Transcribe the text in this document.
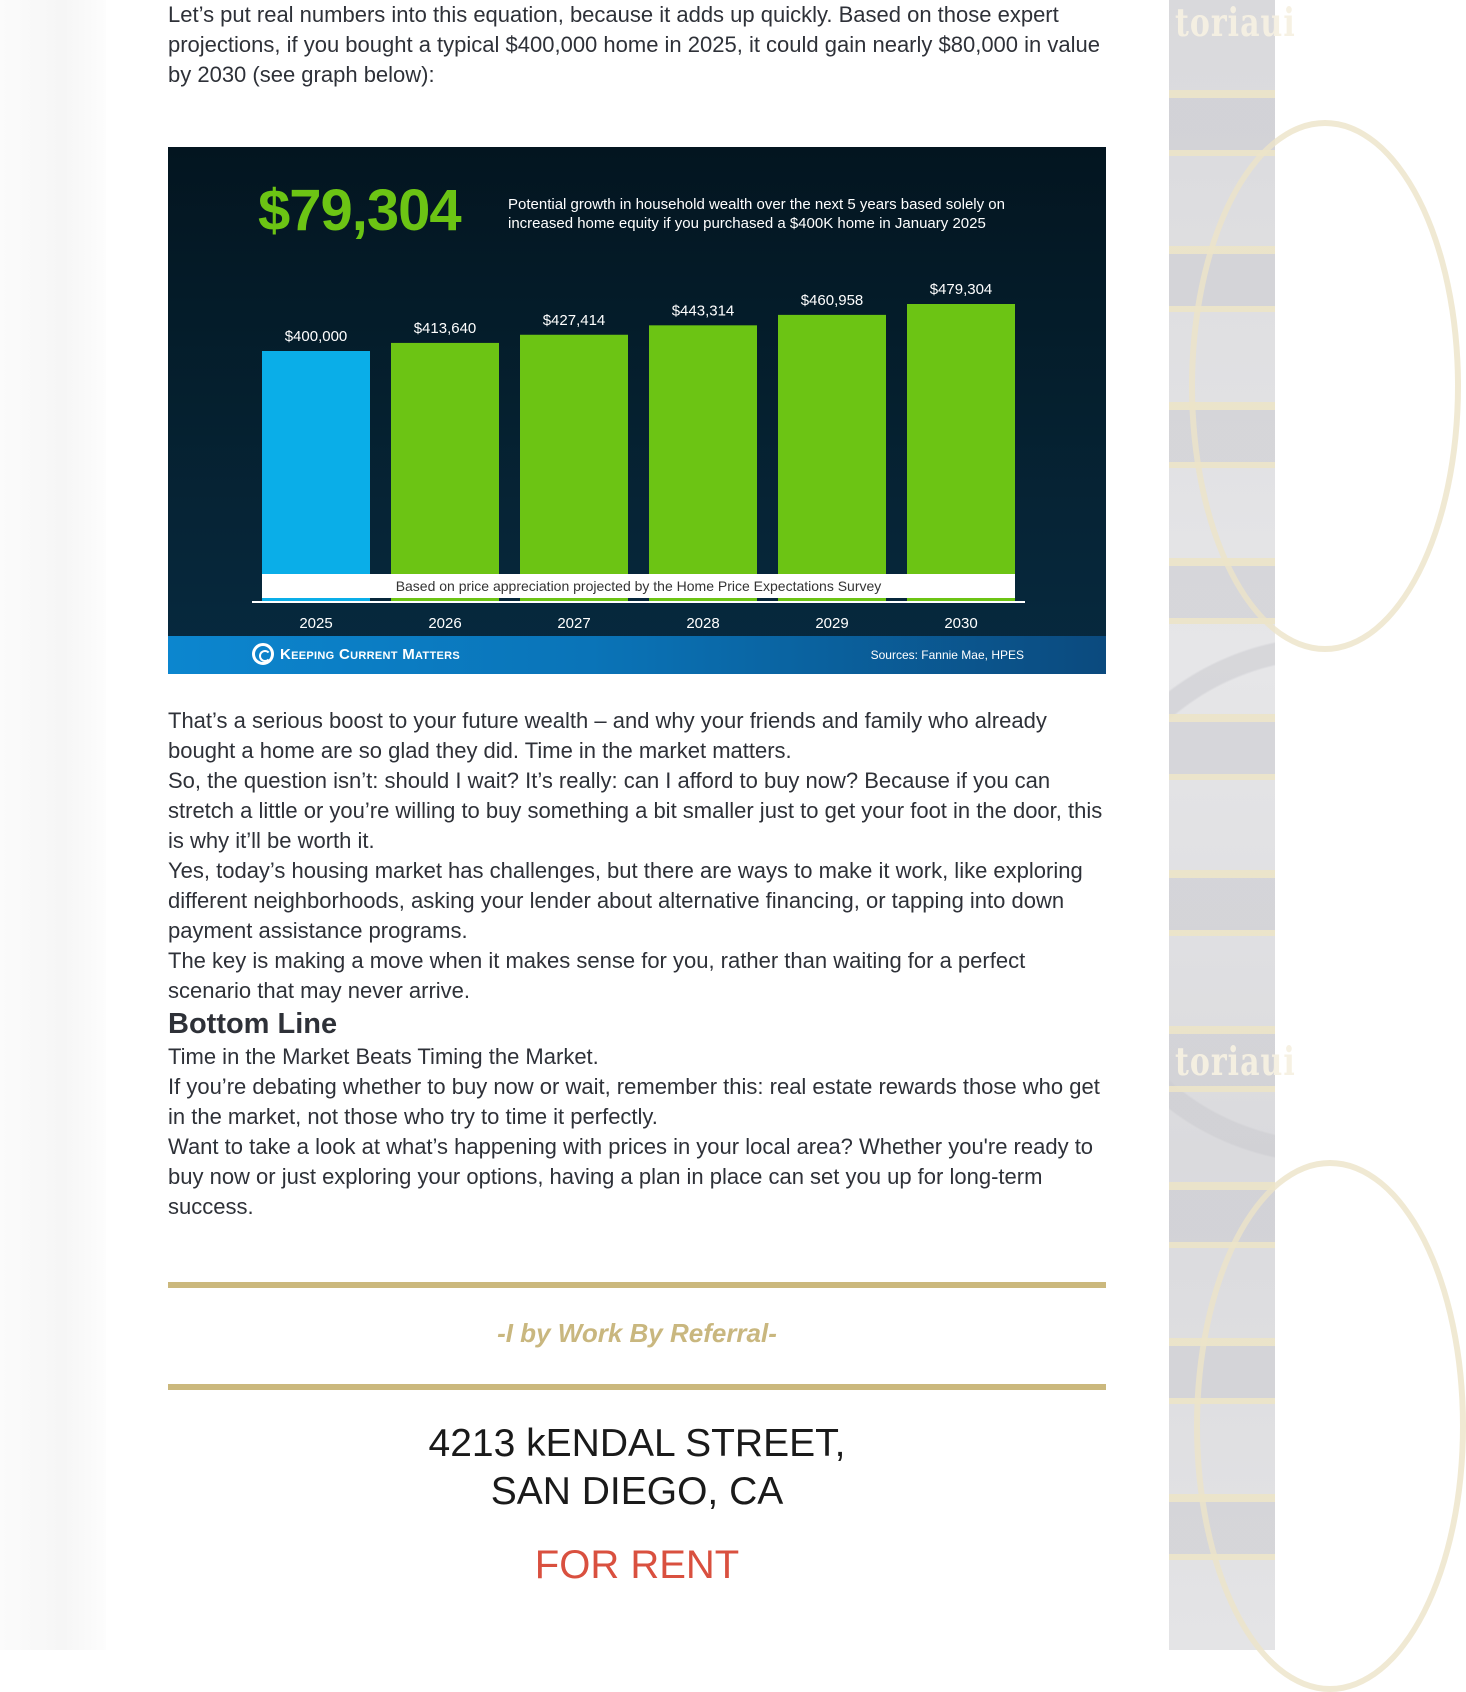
toriaui
toriaui

Let’s put real numbers into this equation, because it adds up quickly. Based on those expert projections, if you bought a typical $400,000 home in 2025, it could gain nearly $80,000 in value by 2030 (see graph below):

That’s a serious boost to your future wealth – and why your friends and family who already bought a home are so glad they did. Time in the market matters.

So, the question isn’t: should I wait? It’s really: can I afford to buy now? Because if you can stretch a little or you’re willing to buy something a bit smaller just to get your foot in the door, this is why it’ll be worth it.

Yes, today’s housing market has challenges, but there are ways to make it work, like exploring different neighborhoods, asking your lender about alternative financing, or tapping into down payment assistance programs.

The key is making a move when it makes sense for you, rather than waiting for a perfect scenario that may never arrive.

Bottom Line

Time in the Market Beats Timing the Market.

If you’re debating whether to buy now or wait, remember this: real estate rewards those who get in the market, not those who try to time it perfectly.

Want to take a look at what’s happening with prices in your local area? Whether you're ready to buy now or just exploring your options, having a plan in place can set you up for long-term success.

$79,304	Potential growth in household wealth over the next 5 years based solely on increased home equity if you purchased a $400K home in January 2025
$400,000
2025
$413,640
2026
$427,414
2027
$443,314
2028
$460,958
2029
$479,304
2030
Based on price appreciation projected by the Home Price Expectations Survey
Keeping Current Matters	Sources: Fannie Mae, HPES
-I by Work By Referral-
4213 kENDAL STREET,
SAN DIEGO, CA
FOR RENT
